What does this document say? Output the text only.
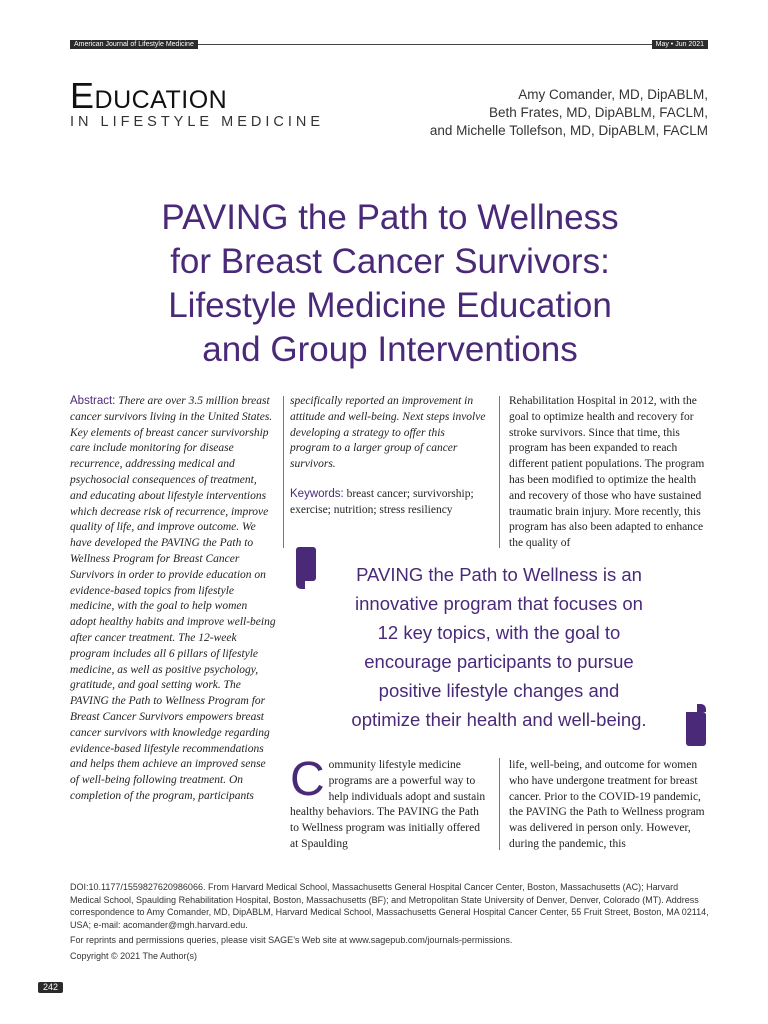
American Journal of Lifestyle Medicine	May • Jun 2021
Education
IN LIFESTYLE MEDICINE
Amy Comander, MD, DipABLM,
Beth Frates, MD, DipABLM, FACLM,
and Michelle Tollefson, MD, DipABLM, FACLM
PAVING the Path to Wellness
for Breast Cancer Survivors:
Lifestyle Medicine Education
and Group Interventions
Abstract: There are over 3.5 million breast cancer survivors living in the United States. Key elements of breast cancer survivorship care include monitoring for disease recurrence, addressing medical and psychosocial consequences of treatment, and educating about lifestyle interventions which decrease risk of recurrence, improve quality of life, and improve outcome. We have developed the PAVING the Path to Wellness Program for Breast Cancer Survivors in order to provide education on evidence-based topics from lifestyle medicine, with the goal to help women adopt healthy habits and improve well-being after cancer treatment. The 12-week program includes all 6 pillars of lifestyle medicine, as well as positive psychology, gratitude, and goal setting work. The PAVING the Path to Wellness Program for Breast Cancer Survivors empowers breast cancer survivors with knowledge regarding evidence-based lifestyle recommendations and helps them achieve an improved sense of well-being following treatment. On completion of the program, participants
specifically reported an improvement in attitude and well-being. Next steps involve developing a strategy to offer this program to a larger group of cancer survivors.
Keywords: breast cancer; survivorship; exercise; nutrition; stress resiliency
Rehabilitation Hospital in 2012, with the goal to optimize health and recovery for stroke survivors. Since that time, this program has been expanded to reach different patient populations. The program has been modified to optimize the health and recovery of those who have sustained traumatic brain injury. More recently, this program has also been adapted to enhance the quality of
PAVING the Path to Wellness is an
innovative program that focuses on
12 key topics, with the goal to
encourage participants to pursue
positive lifestyle changes and
optimize their health and well-being.
C ommunity lifestyle medicine programs are a powerful way to help individuals adopt and sustain healthy behaviors. The PAVING the Path to Wellness program was initially offered at Spaulding
life, well-being, and outcome for women who have undergone treatment for breast cancer. Prior to the COVID-19 pandemic, the PAVING the Path to Wellness program was delivered in person only. However, during the pandemic, this

DOI:10.1177/1559827620986066. From Harvard Medical School, Massachusetts General Hospital Cancer Center, Boston, Massachusetts (AC); Harvard Medical School, Spaulding Rehabilitation Hospital, Boston, Massachusetts (BF); and Metropolitan State University of Denver, Denver, Colorado (MT). Address correspondence to Amy Comander, MD, DipABLM, Harvard Medical School, Massachusetts General Hospital Cancer Center, 55 Fruit Street, Boston, MA 02114, USA; e-mail: acomander@mgh.harvard.edu.

For reprints and permissions queries, please visit SAGE’s Web site at www.sagepub.com/journals-permissions.

Copyright © 2021 The Author(s)

242
